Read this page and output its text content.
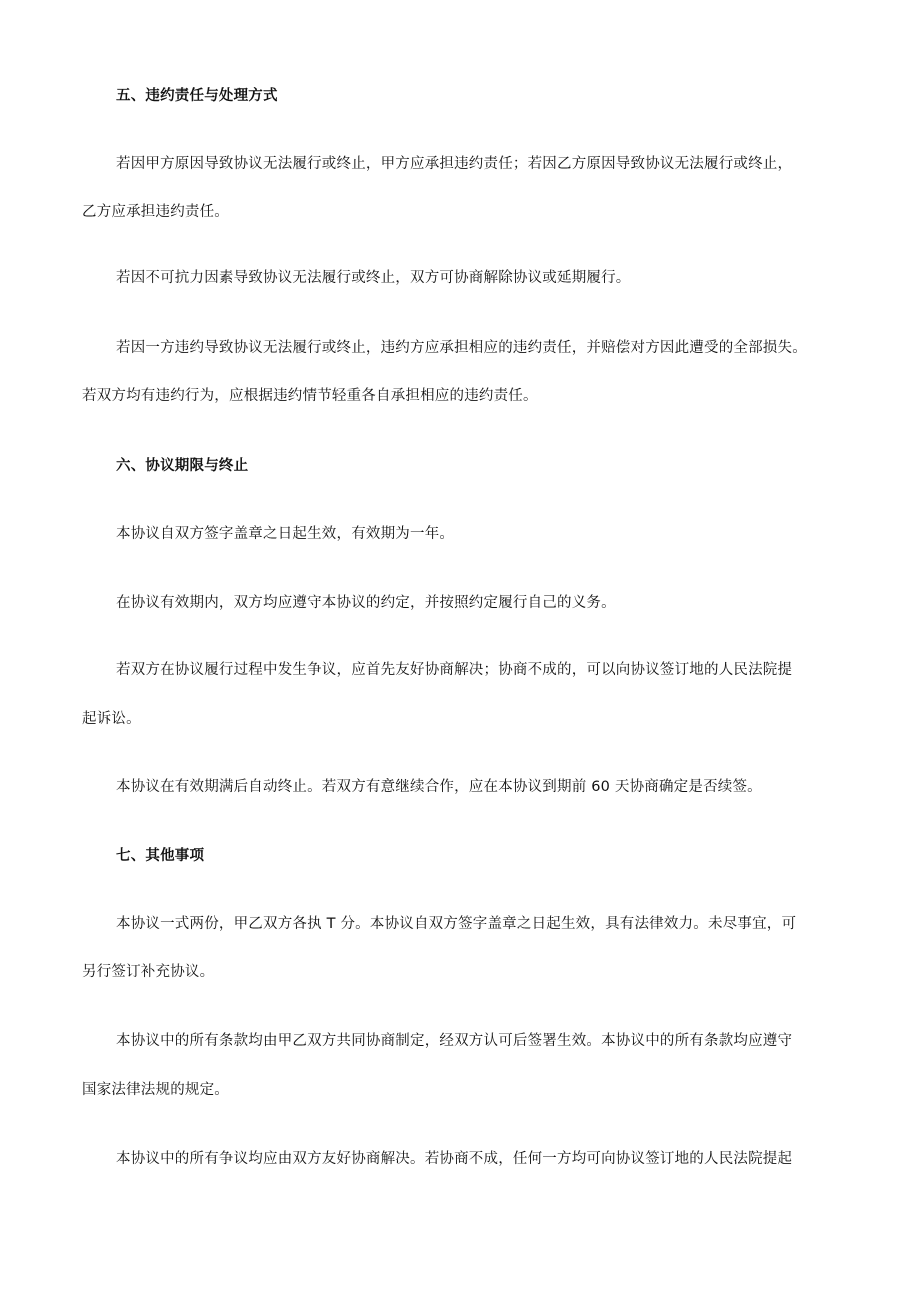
五、违约责任与处理方式
若因甲方原因导致协议无法履行或终止，甲方应承担违约责任；若因乙方原因导致协议无法履行或终止，
乙方应承担违约责任。
若因不可抗力因素导致协议无法履行或终止，双方可协商解除协议或延期履行。
若因一方违约导致协议无法履行或终止，违约方应承担相应的违约责任，并赔偿对方因此遭受的全部损失。
若双方均有违约行为，应根据违约情节轻重各自承担相应的违约责任。
六、协议期限与终止
本协议自双方签字盖章之日起生效，有效期为一年。
在协议有效期内，双方均应遵守本协议的约定，并按照约定履行自己的义务。
若双方在协议履行过程中发生争议，应首先友好协商解决；协商不成的，可以向协议签订地的人民法院提
起诉讼。
本协议在有效期满后自动终止。若双方有意继续合作，应在本协议到期前 60 天协商确定是否续签。
七、其他事项
本协议一式两份，甲乙双方各执 T 分。本协议自双方签字盖章之日起生效，具有法律效力。未尽事宜，可
另行签订补充协议。
本协议中的所有条款均由甲乙双方共同协商制定，经双方认可后签署生效。本协议中的所有条款均应遵守
国家法律法规的规定。
本协议中的所有争议均应由双方友好协商解决。若协商不成，任何一方均可向协议签订地的人民法院提起
